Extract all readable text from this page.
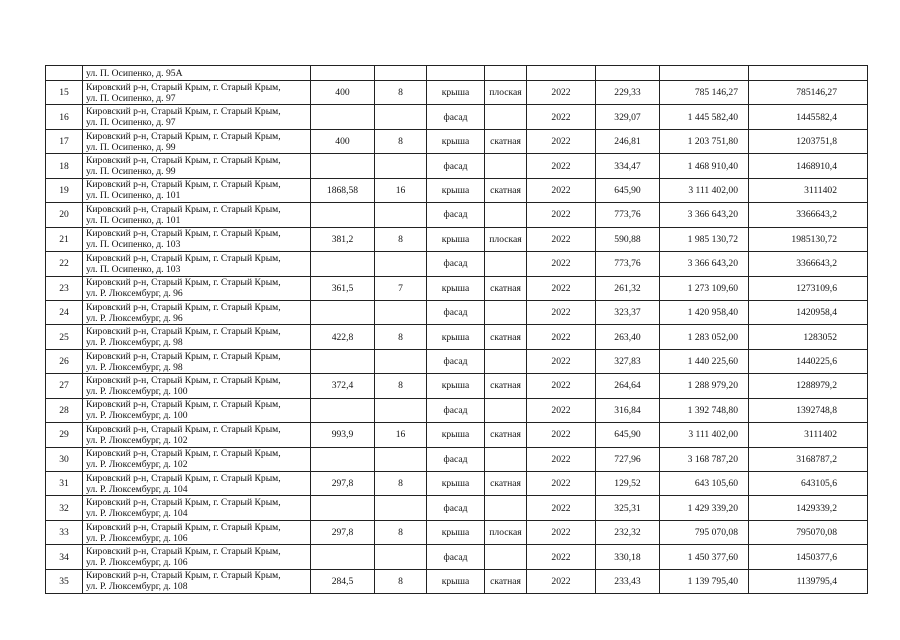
	ул. П. Осипенко, д. 95А								

15	Кировский р-н, Старый Крым, г. Старый Крым,
ул. П. Осипенко, д. 97	400	8	крыша	плоская	2022	229,33	785 146,27	785146,27
16	Кировский р-н, Старый Крым, г. Старый Крым,
ул. П. Осипенко, д. 97			фасад		2022	329,07	1 445 582,40	1445582,4
17	Кировский р-н, Старый Крым, г. Старый Крым,
ул. П. Осипенко, д. 99	400	8	крыша	скатная	2022	246,81	1 203 751,80	1203751,8
18	Кировский р-н, Старый Крым, г. Старый Крым,
ул. П. Осипенко, д. 99			фасад		2022	334,47	1 468 910,40	1468910,4
19	Кировский р-н, Старый Крым, г. Старый Крым,
ул. П. Осипенко, д. 101	1868,58	16	крыша	скатная	2022	645,90	3 111 402,00	3111402
20	Кировский р-н, Старый Крым, г. Старый Крым,
ул. П. Осипенко, д. 101			фасад		2022	773,76	3 366 643,20	3366643,2
21	Кировский р-н, Старый Крым, г. Старый Крым,
ул. П. Осипенко, д. 103	381,2	8	крыша	плоская	2022	590,88	1 985 130,72	1985130,72
22	Кировский р-н, Старый Крым, г. Старый Крым,
ул. П. Осипенко, д. 103			фасад		2022	773,76	3 366 643,20	3366643,2
23	Кировский р-н, Старый Крым, г. Старый Крым,
ул. Р. Люксембург, д. 96	361,5	7	крыша	скатная	2022	261,32	1 273 109,60	1273109,6
24	Кировский р-н, Старый Крым, г. Старый Крым,
ул. Р. Люксембург, д. 96			фасад		2022	323,37	1 420 958,40	1420958,4
25	Кировский р-н, Старый Крым, г. Старый Крым,
ул. Р. Люксембург, д. 98	422,8	8	крыша	скатная	2022	263,40	1 283 052,00	1283052
26	Кировский р-н, Старый Крым, г. Старый Крым,
ул. Р. Люксембург, д. 98			фасад		2022	327,83	1 440 225,60	1440225,6
27	Кировский р-н, Старый Крым, г. Старый Крым,
ул. Р. Люксембург, д. 100	372,4	8	крыша	скатная	2022	264,64	1 288 979,20	1288979,2
28	Кировский р-н, Старый Крым, г. Старый Крым,
ул. Р. Люксембург, д. 100			фасад		2022	316,84	1 392 748,80	1392748,8
29	Кировский р-н, Старый Крым, г. Старый Крым,
ул. Р. Люксембург, д. 102	993,9	16	крыша	скатная	2022	645,90	3 111 402,00	3111402
30	Кировский р-н, Старый Крым, г. Старый Крым,
ул. Р. Люксембург, д. 102			фасад		2022	727,96	3 168 787,20	3168787,2
31	Кировский р-н, Старый Крым, г. Старый Крым,
ул. Р. Люксембург, д. 104	297,8	8	крыша	скатная	2022	129,52	643 105,60	643105,6
32	Кировский р-н, Старый Крым, г. Старый Крым,
ул. Р. Люксембург, д. 104			фасад		2022	325,31	1 429 339,20	1429339,2
33	Кировский р-н, Старый Крым, г. Старый Крым,
ул. Р. Люксембург, д. 106	297,8	8	крыша	плоская	2022	232,32	795 070,08	795070,08
34	Кировский р-н, Старый Крым, г. Старый Крым,
ул. Р. Люксембург, д. 106			фасад		2022	330,18	1 450 377,60	1450377,6
35	Кировский р-н, Старый Крым, г. Старый Крым,
ул. Р. Люксембург, д. 108	284,5	8	крыша	скатная	2022	233,43	1 139 795,40	1139795,4
